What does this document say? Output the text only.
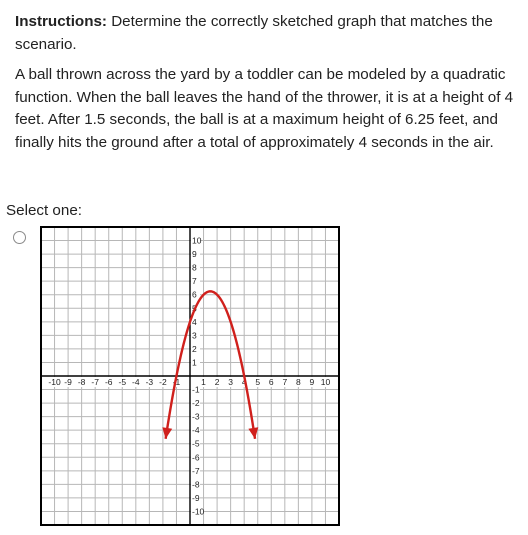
Instructions: Determine the correctly sketched graph that matches the scenario.

A ball thrown across the yard by a toddler can be modeled by a quadratic function. When the ball leaves the hand of the thrower, it is at a height of 4 feet. After 1.5 seconds, the ball is at a maximum height of 6.25 feet, and finally hits the ground after a total of approximately 4 seconds in the air.

Select one:

-10 -9 -8 -7 -6 -5 -4 -3 -2 -1 1 2 3 4 5 6 7 8 9 10
10
9
8
7
6
5
4
3
2
1
-1
-2
-3
-4
-5
-6
-7
-8
-9
-10
